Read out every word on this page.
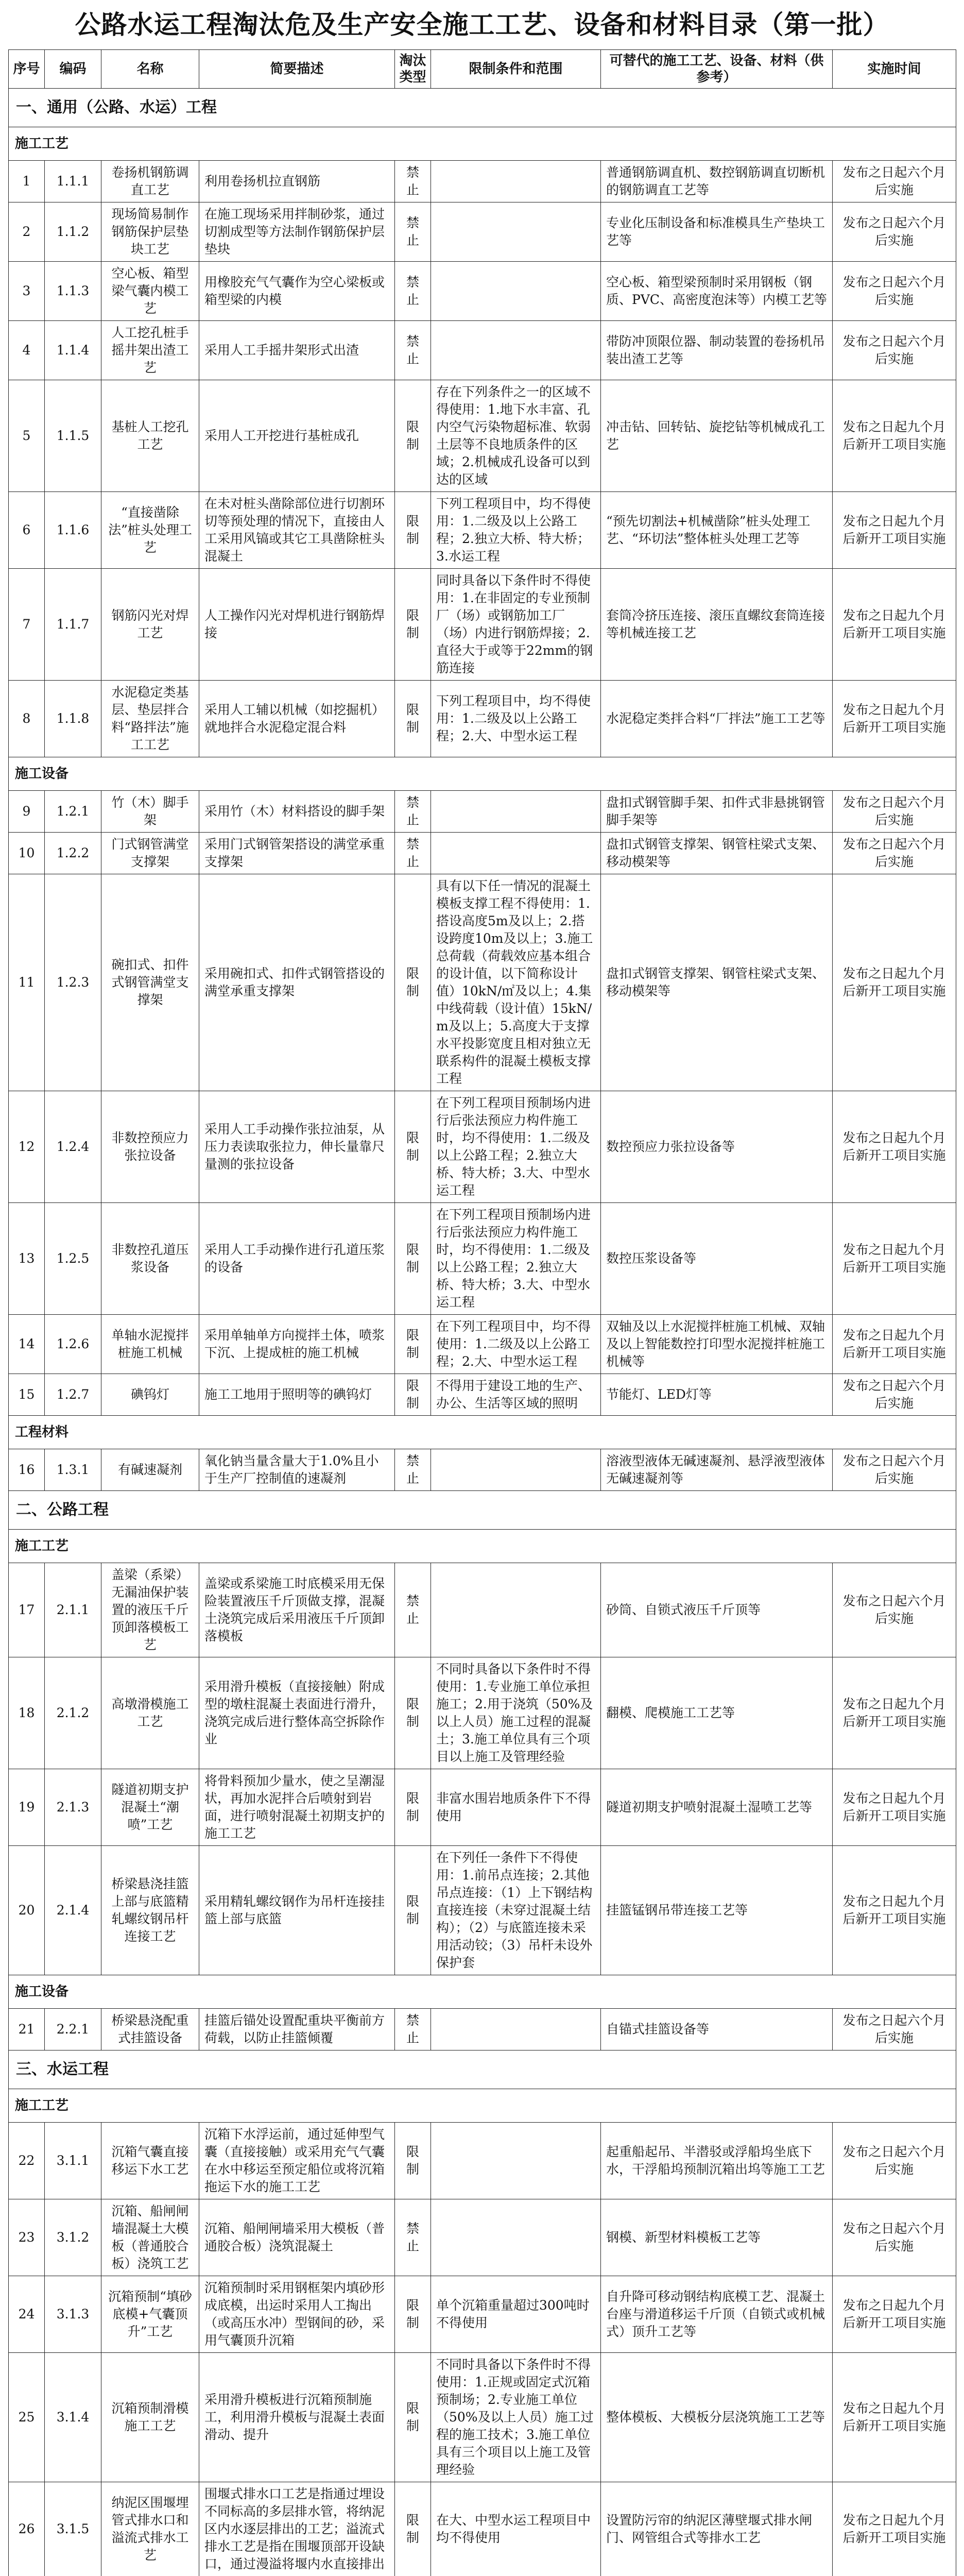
公路水运工程淘汰危及生产安全施工工艺、设备和材料目录（第一批）
序号	编码	名称	简要描述	淘汰类型	限制条件和范围	可替代的施工工艺、设备、材料（供参考）	实施时间
一、通用（公路、水运）工程							
施工工艺							
1	1.1.1	卷扬机钢筋调直工艺	利用卷扬机拉直钢筋	禁止		普通钢筋调直机、数控钢筋调直切断机的钢筋调直工艺等	发布之日起六个月后实施
2	1.1.2	现场简易制作钢筋保护层垫块工艺	在施工现场采用拌制砂浆，通过切割成型等方法制作钢筋保护层垫块	禁止		专业化压制设备和标准模具生产垫块工艺等	发布之日起六个月后实施
3	1.1.3	空心板、箱型梁气囊内模工艺	用橡胶充气气囊作为空心梁板或箱型梁的内模	禁止		空心板、箱型梁预制时采用钢板（钢质、PVC、高密度泡沫等）内模工艺等	发布之日起六个月后实施
4	1.1.4	人工挖孔桩手摇井架出渣工艺	采用人工手摇井架形式出渣	禁止		带防冲顶限位器、制动装置的卷扬机吊装出渣工艺等	发布之日起六个月后实施
5	1.1.5	基桩人工挖孔工艺	采用人工开挖进行基桩成孔	限制	存在下列条件之一的区域不得使用：1.地下水丰富、孔内空气污染物超标准、软弱土层等不良地质条件的区域；2.机械成孔设备可以到达的区域	冲击钻、回转钻、旋挖钻等机械成孔工艺	发布之日起九个月后新开工项目实施
6	1.1.6	“直接凿除法”桩头处理工艺	在未对桩头凿除部位进行切割环切等预处理的情况下，直接由人工采用风镐或其它工具凿除桩头混凝土	限制	下列工程项目中，均不得使用：1.二级及以上公路工程；2.独立大桥、特大桥；3.水运工程	“预先切割法+机械凿除”桩头处理工艺、“环切法”整体桩头处理工艺等	发布之日起九个月后新开工项目实施
7	1.1.7	钢筋闪光对焊工艺	人工操作闪光对焊机进行钢筋焊接	限制	同时具备以下条件时不得使用：1.在非固定的专业预制厂（场）或钢筋加工厂（场）内进行钢筋焊接；2.直径大于或等于22mm的钢筋连接	套筒冷挤压连接、滚压直螺纹套筒连接等机械连接工艺	发布之日起九个月后新开工项目实施
8	1.1.8	水泥稳定类基层、垫层拌合料“路拌法”施工工艺	采用人工辅以机械（如挖掘机）就地拌合水泥稳定混合料	限制	下列工程项目中，均不得使用：1.二级及以上公路工程；2.大、中型水运工程	水泥稳定类拌合料“厂拌法”施工工艺等	发布之日起九个月后新开工项目实施
施工设备							
9	1.2.1	竹（木）脚手架	采用竹（木）材料搭设的脚手架	禁止		盘扣式钢管脚手架、扣件式非悬挑钢管脚手架等	发布之日起六个月后实施
10	1.2.2	门式钢管满堂支撑架	采用门式钢管架搭设的满堂承重支撑架	禁止		盘扣式钢管支撑架、钢管柱梁式支架、移动模架等	发布之日起六个月后实施
11	1.2.3	碗扣式、扣件式钢管满堂支撑架	采用碗扣式、扣件式钢管搭设的满堂承重支撑架	限制	具有以下任一情况的混凝土模板支撑工程不得使用：1.搭设高度5m及以上；2.搭设跨度10m及以上；3.施工总荷载（荷载效应基本组合的设计值，以下简称设计值）10kN/㎡及以上；4.集中线荷载（设计值）15kN/m及以上；5.高度大于支撑水平投影宽度且相对独立无联系构件的混凝土模板支撑工程	盘扣式钢管支撑架、钢管柱梁式支架、移动模架等	发布之日起九个月后新开工项目实施
12	1.2.4	非数控预应力张拉设备	采用人工手动操作张拉油泵，从压力表读取张拉力，伸长量靠尺量测的张拉设备	限制	在下列工程项目预制场内进行后张法预应力构件施工时，均不得使用：1.二级及以上公路工程；2.独立大桥、特大桥；3.大、中型水运工程	数控预应力张拉设备等	发布之日起九个月后新开工项目实施
13	1.2.5	非数控孔道压浆设备	采用人工手动操作进行孔道压浆的设备	限制	在下列工程项目预制场内进行后张法预应力构件施工时，均不得使用：1.二级及以上公路工程；2.独立大桥、特大桥；3.大、中型水运工程	数控压浆设备等	发布之日起九个月后新开工项目实施
14	1.2.6	单轴水泥搅拌桩施工机械	采用单轴单方向搅拌土体，喷浆下沉、上提成桩的施工机械	限制	在下列工程项目中，均不得使用：1.二级及以上公路工程；2.大、中型水运工程	双轴及以上水泥搅拌桩施工机械、双轴及以上智能数控打印型水泥搅拌桩施工机械等	发布之日起九个月后新开工项目实施
15	1.2.7	碘钨灯	施工工地用于照明等的碘钨灯	限制	不得用于建设工地的生产、办公、生活等区域的照明	节能灯、LED灯等	发布之日起六个月后实施
工程材料							
16	1.3.1	有碱速凝剂	氧化钠当量含量大于1.0%且小于生产厂控制值的速凝剂	禁止		溶液型液体无碱速凝剂、悬浮液型液体无碱速凝剂等	发布之日起六个月后实施
二、公路工程							
施工工艺							
17	2.1.1	盖梁（系梁）无漏油保护装置的液压千斤顶卸落模板工艺	盖梁或系梁施工时底模采用无保险装置液压千斤顶做支撑，混凝土浇筑完成后采用液压千斤顶卸落模板	禁止		砂筒、自锁式液压千斤顶等	发布之日起六个月后实施
18	2.1.2	高墩滑模施工工艺	采用滑升模板（直接接触）附成型的墩柱混凝土表面进行滑升，浇筑完成后进行整体高空拆除作业	限制	不同时具备以下条件时不得使用：1.专业施工单位承担施工；2.用于浇筑（50%及以上人员）施工过程的混凝土；3.施工单位具有三个项目以上施工及管理经验	翻模、爬模施工工艺等	发布之日起九个月后新开工项目实施
19	2.1.3	隧道初期支护混凝土“潮喷”工艺	将骨料预加少量水，使之呈潮湿状，再加水泥拌合后喷射到岩面，进行喷射混凝土初期支护的施工工艺	限制	非富水围岩地质条件下不得使用	隧道初期支护喷射混凝土湿喷工艺等	发布之日起九个月后新开工项目实施
20	2.1.4	桥梁悬浇挂篮上部与底篮精轧螺纹钢吊杆连接工艺	采用精轧螺纹钢作为吊杆连接挂篮上部与底篮	限制	在下列任一条件下不得使用：1.前吊点连接；2.其他吊点连接：（1）上下钢结构直接连接（未穿过混凝土结构）；（2）与底篮连接未采用活动铰；（3）吊杆未设外保护套	挂篮锰钢吊带连接工艺等	发布之日起九个月后新开工项目实施
施工设备							
21	2.2.1	桥梁悬浇配重式挂篮设备	挂篮后锚处设置配重块平衡前方荷载，以防止挂篮倾覆	禁止		自锚式挂篮设备等	发布之日起六个月后实施
三、水运工程							
施工工艺							
22	3.1.1	沉箱气囊直接移运下水工艺	沉箱下水浮运前，通过延伸型气囊（直接接触）或采用充气气囊在水中移运至预定船位或将沉箱拖运下水的施工工艺	限制		起重船起吊、半潜驳或浮船坞坐底下水，干浮船坞预制沉箱出坞等施工工艺	发布之日起六个月后实施
23	3.1.2	沉箱、船闸闸墙混凝土大模板（普通胶合板）浇筑工艺	沉箱、船闸闸墙采用大模板（普通胶合板）浇筑混凝土	禁止		钢模、新型材料模板工艺等	发布之日起六个月后实施
24	3.1.3	沉箱预制“填砂底模+气囊顶升”工艺	沉箱预制时采用钢框架内填砂形成底模，出运时采用人工掏出（或高压水冲）型钢间的砂，采用气囊顶升沉箱	限制	单个沉箱重量超过300吨时不得使用	自升降可移动钢结构底模工艺、混凝土台座与滑道移运千斤顶（自锁式或机械式）顶升工艺等	发布之日起九个月后新开工项目实施
25	3.1.4	沉箱预制滑模施工工艺	采用滑升模板进行沉箱预制施工，利用滑升模板与混凝土表面滑动、提升	限制	不同时具备以下条件时不得使用：1.正规或固定式沉箱预制场；2.专业施工单位（50%及以上人员）施工过程的施工技术；3.施工单位具有三个项目以上施工及管理经验	整体模板、大模板分层浇筑施工工艺等	发布之日起九个月后新开工项目实施
26	3.1.5	纳泥区围堰埋管式排水口和溢流式排水工艺	围堰式排水口工艺是指通过埋设不同标高的多层排水管，将纳泥区内水逐层排出的工艺；溢流式排水工艺是指在围堰顶部开设缺口，通过漫溢将堰内水直接排出	限制	在大、中型水运工程项目中均不得使用	设置防污帘的纳泥区薄壁堰式排水闸门、网管组合式等排水工艺	发布之日起九个月后新开工项目实施
